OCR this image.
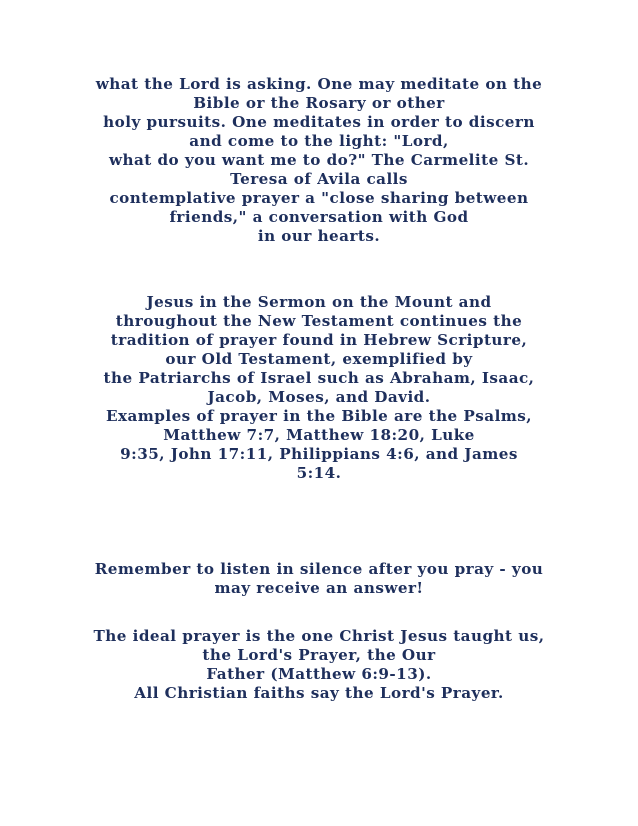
what the Lord is asking. One may meditate on the
Bible or the Rosary or other
holy pursuits. One meditates in order to discern
and come to the light: "Lord,
what do you want me to do?" The Carmelite St.
Teresa of Avila calls
contemplative prayer a "close sharing between
friends," a conversation with God
in our hearts.
Jesus in the Sermon on the Mount and
throughout the New Testament continues the
tradition of prayer found in Hebrew Scripture,
our Old Testament, exemplified by
the Patriarchs of Israel such as Abraham, Isaac,
Jacob, Moses, and David.
Examples of prayer in the Bible are the Psalms,
Matthew 7:7, Matthew 18:20, Luke
9:35, John 17:11, Philippians 4:6, and James
5:14.
Remember to listen in silence after you pray - you
may receive an answer!
The ideal prayer is the one Christ Jesus taught us,
the Lord's Prayer, the Our
Father (Matthew 6:9-13).
All Christian faiths say the Lord's Prayer.
